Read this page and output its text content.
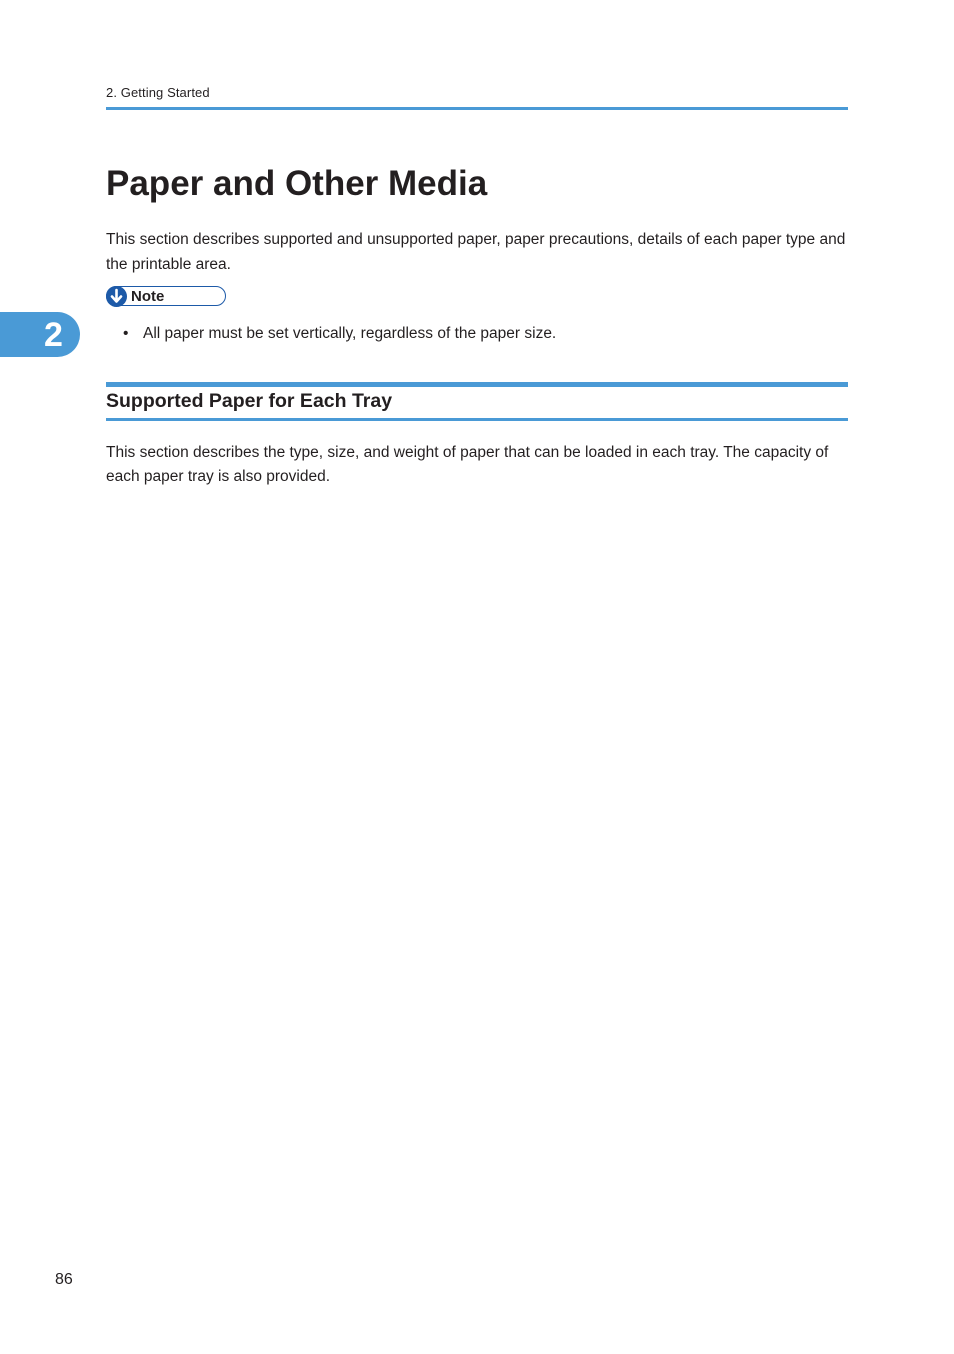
2. Getting Started
Paper and Other Media

This section describes supported and unsupported paper, paper precautions, details of each paper type and the printable area.

Note
2	• All paper must be set vertically, regardless of the paper size.
Supported Paper for Each Tray

This section describes the type, size, and weight of paper that can be loaded in each tray. The capacity of each paper tray is also provided.

86
